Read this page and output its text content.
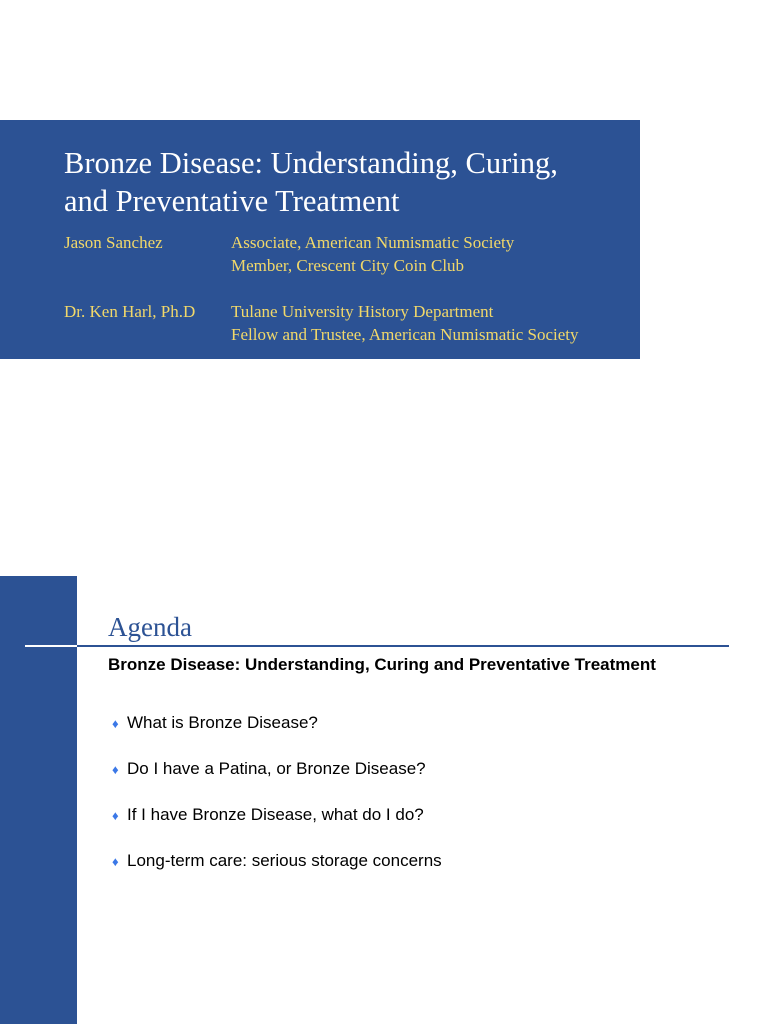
Bronze Disease: Understanding, Curing,
and Preventative Treatment
Jason Sanchez	Associate, American Numismatic Society
Member, Crescent City Coin Club
Dr. Ken Harl, Ph.D Tulane University History Department
Fellow and Trustee, American Numismatic Society
Agenda
Bronze Disease: Understanding, Curing and Preventative Treatment
♦ What is Bronze Disease?
♦ Do I have a Patina, or Bronze Disease?
♦ If I have Bronze Disease, what do I do?
♦ Long-term care: serious storage concerns
